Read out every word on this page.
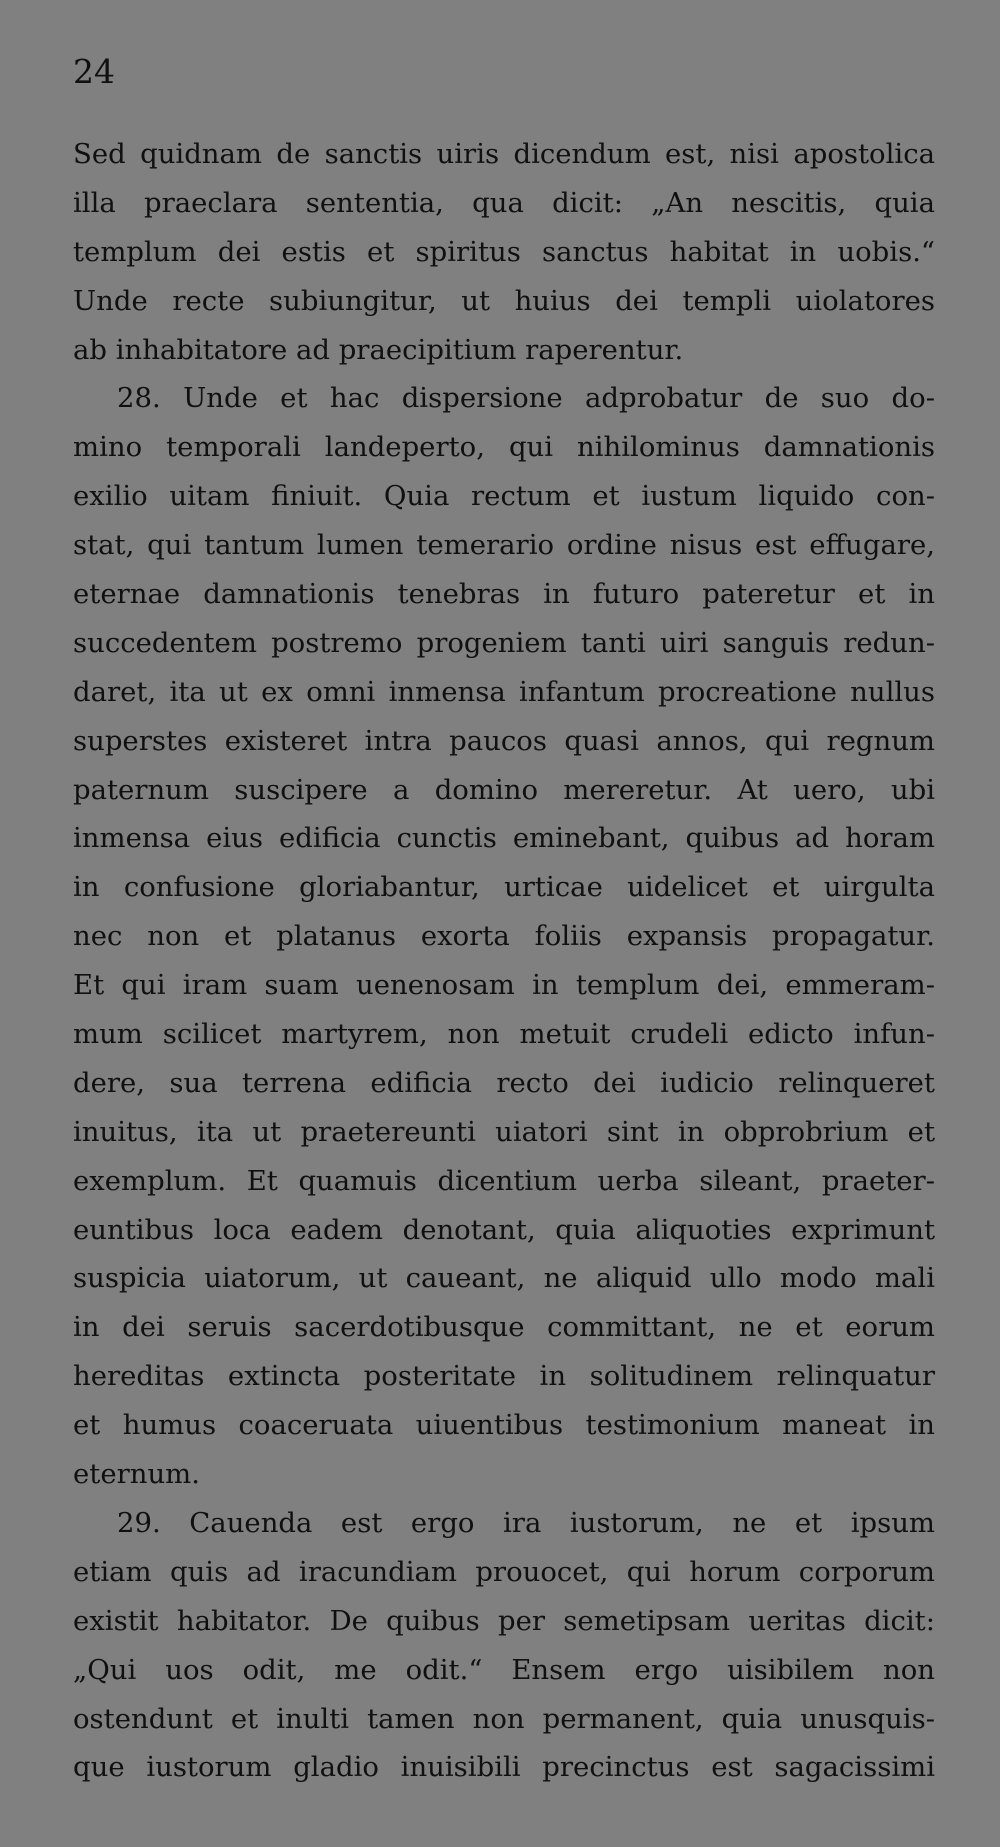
24

Sed quidnam de sanctis uiris dicendum est, nisi apostolica
illa praeclara sententia, qua dicit: „An nescitis, quia
templum dei estis et spiritus sanctus habitat in uobis.“
Unde recte subiungitur, ut huius dei templi uiolatores
ab inhabitatore ad praecipitium raperentur.
28. Unde et hac dispersione adprobatur de suo do-
mino temporali landeperto, qui nihilominus damnationis
exilio uitam finiuit. Quia rectum et iustum liquido con-
stat, qui tantum lumen temerario ordine nisus est effugare,
eternae damnationis tenebras in futuro pateretur et in
succedentem postremo progeniem tanti uiri sanguis redun-
daret, ita ut ex omni inmensa infantum procreatione nullus
superstes existeret intra paucos quasi annos, qui regnum
paternum suscipere a domino mereretur. At uero, ubi
inmensa eius edificia cunctis eminebant, quibus ad horam
in confusione gloriabantur, urticae uidelicet et uirgulta
nec non et platanus exorta foliis expansis propagatur.
Et qui iram suam uenenosam in templum dei, emmeram-
mum scilicet martyrem, non metuit crudeli edicto infun-
dere, sua terrena edificia recto dei iudicio relinqueret
inuitus, ita ut praetereunti uiatori sint in obprobrium et
exemplum. Et quamuis dicentium uerba sileant, praeter-
euntibus loca eadem denotant, quia aliquoties exprimunt
suspicia uiatorum, ut caueant, ne aliquid ullo modo mali
in dei seruis sacerdotibusque committant, ne et eorum
hereditas extincta posteritate in solitudinem relinquatur
et humus coaceruata uiuentibus testimonium maneat in
eternum.
29. Cauenda est ergo ira iustorum, ne et ipsum
etiam quis ad iracundiam prouocet, qui horum corporum
existit habitator. De quibus per semetipsam ueritas dicit:
„Qui uos odit, me odit.“ Ensem ergo uisibilem non
ostendunt et inulti tamen non permanent, quia unusquis-
que iustorum gladio inuisibili precinctus est sagacissimi
